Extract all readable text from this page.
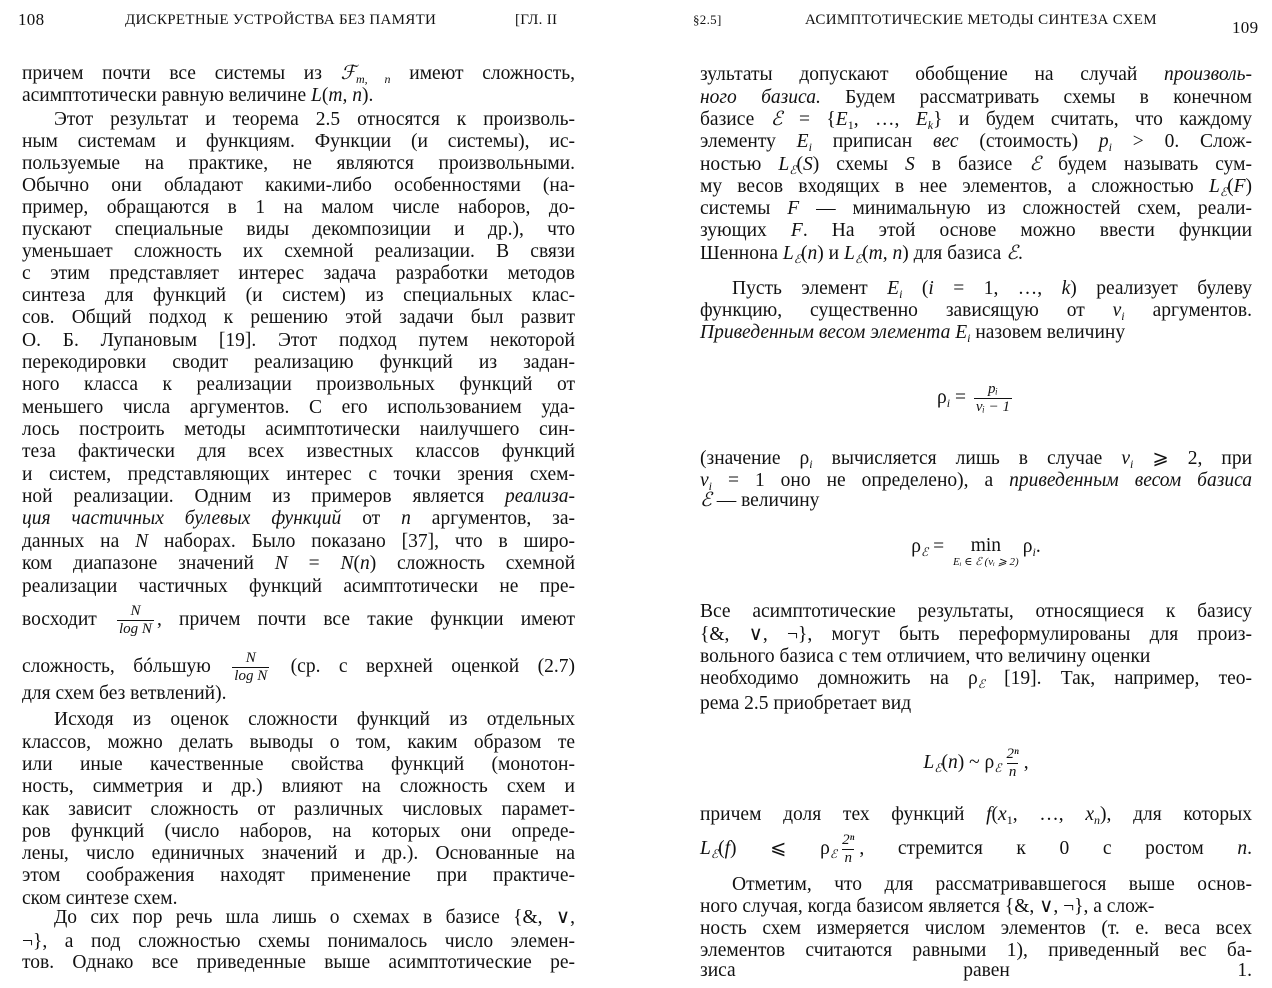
108	ДИСКРЕТНЫЕ УСТРОЙСТВА БЕЗ ПАМЯТИ	[ГЛ. II
причем почти все системы из ℱ$_{m, n}$ имеют сложность,
асимптотически равную величине L(m, n).
Этот результат и теорема 2.5 относятся к произволь-
ным системам и функциям. Функции (и системы), ис-
пользуемые на практике, не являются произвольными.
Обычно они обладают какими-либо особенностями (на-
пример, обращаются в 1 на малом числе наборов, до-
пускают специальные виды декомпозиции и др.), что
уменьшает сложность их схемной реализации. В связи
с этим представляет интерес задача разработки методов
синтеза для функций (и систем) из специальных клас-
сов. Общий подход к решению этой задачи был развит
О. Б. Лупановым [19]. Этот подход путем некоторой
перекодировки сводит реализацию функций из задан-
ного класса к реализации произвольных функций от
меньшего числа аргументов. С его использованием уда-
лось построить методы асимптотически наилучшего син-
теза фактически для всех известных классов функций
и систем, представляющих интерес с точки зрения схем-
ной реализации. Одним из примеров является реализа-
ция частичных булевых функций от n аргументов, за-
данных на N наборах. Было показано [37], что в широ-
ком диапазоне значений N = N(n) сложность схемной
реализации частичных функций асимптотически не пре-
восходит $\frac{N}{\text{log N}}$ , причем почти все такие функции имеют
сложность, бóльшую $\frac{N}{\text{log N}} (ср$. с верхней оценкой (2.7)
для схем без ветвлений).
Исходя из оценок сложности функций из отдельных
классов, можно делать выводы о том, каким образом те
или иные качественные свойства функций (монотон-
ность, симметрия и др.) влияют на сложность схем и
как зависит сложность от различных числовых парамет-
ров функций (число наборов, на которых они опреде-
лены, число единичных значений и др.). Основанные на
этом соображения находят применение при практиче-
ском синтезе схем.
До сих пор речь шла лишь о схемах в базисе {&, ∨,
¬}, а под сложностью схемы понималось число элемен-
тов. Однако все приведенные выше асимптотические ре-
§2.5]	АСИМПТОТИЧЕСКИЕ МЕТОДЫ СИНТЕЗА СХЕМ	109
зультаты допускают обобщение на случай произволь-
ного базиса. Будем рассматривать схемы в конечном
базисе ℰ = {$E_1$, …, $E_k$} и будем считать, что каждому
элементу $E_i$ приписан вес (стоимость) $p_i > 0$. Слож-
ностью $L_ℰ(S)$ схемы S в базисе ℰ будем называть сум-
му весов входящих в нее элементов, а сложностью $L_ℰ(F)$
системы F — минимальную из сложностей схем, реали-
зующих F. На этой основе можно ввести функции
Шеннона $L_ℰ(n)$ и $L_ℰ(m$, n) для базиса ℰ.
Пусть элемент $E_i$ (i = 1, …, k) реализует булеву
функцию, существенно зависящую от $v_i$ аргументов.
Приведенным весом элемента $E_i$ назовем величину
$\rho_i = \frac{\text{pᵢ}}{\text{vᵢ − 1}}$
(значение $\rho_i$ вычисляется лишь в случае $v_i$ ⩾ 2, при
$v_i = 1$ оно не определено), а приведенным весом базиса
ℰ — величину
$\rho_ℰ = \min$
Eᵢ ∈ ℰ (vᵢ ⩾ 2)
$\rho_i$.
Все асимптотические результаты, относящиеся к базису
{&, ∨, ¬}, могут быть переформулированы для произ-
вольного базиса с тем отличием, что величину оценки
необходимо домножить на $\rho_ℰ$ [19]. Так, например, тео-
рема 2.5 приобретает вид
$L_ℰ(n)$ ~ $\rho_ℰ \frac{\text{2ⁿ}}{n}$ ,
причем доля тех функций $f(x_1$, …, $x_n$), для которых
$L_ℰ(f)$ ⩽ $\rho_ℰ \frac{\text{2ⁿ}}{n}$ , стремится к 0 с ростом n.
Отметим, что для рассматривавшегося выше основ-
ного случая, когда базисом является {&, ∨, ¬}, а слож-
ность схем измеряется числом элементов (т. е. веса всех
элементов считаются равными 1), приведенный вес ба-
зиса равен 1.
